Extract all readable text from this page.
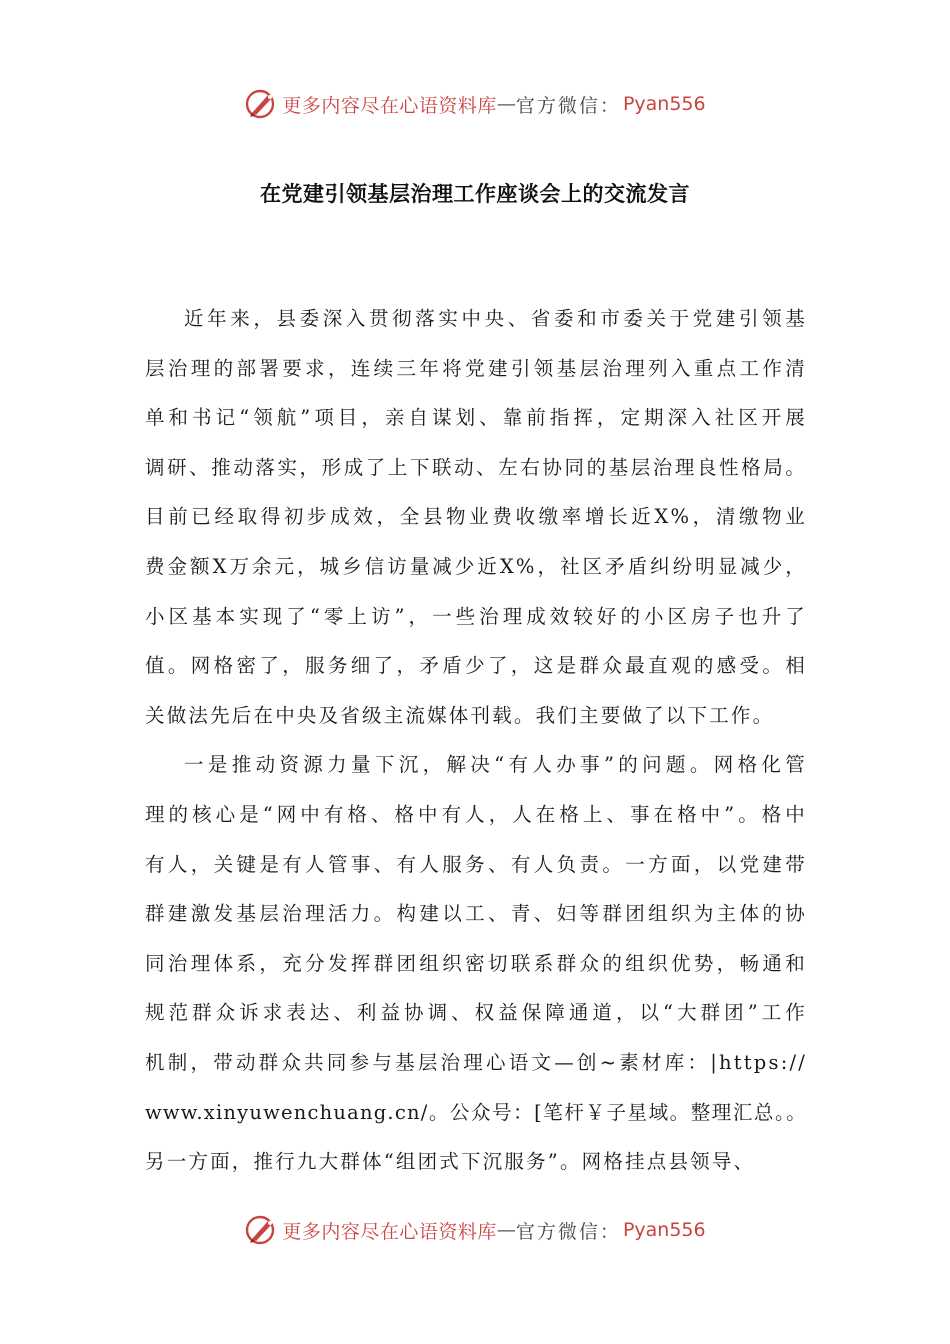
更多内容尽在心语资料库 — 官方微信： Pyan556
在党建引领基层治理工作座谈会上的交流发言

近年来，县委深入贯彻落实中央、省委和市委关于党建引领基
层治理的部署要求，连续三年将党建引领基层治理列入重点工作清
单和书记“领航”项目，亲自谋划、靠前指挥，定期深入社区开展
调研、推动落实，形成了上下联动、左右协同的基层治理良性格局。
目前已经取得初步成效，全县物业费收缴率增长近X%，清缴物业
费金额X万余元，城乡信访量减少近X%，社区矛盾纠纷明显减少，
小区基本实现了“零上访”，一些治理成效较好的小区房子也升了
值。网格密了，服务细了，矛盾少了，这是群众最直观的感受。相
关做法先后在中央及省级主流媒体刊载。我们主要做了以下工作。

一是推动资源力量下沉，解决“有人办事”的问题。网格化管
理的核心是“网中有格、格中有人，人在格上、事在格中”。格中
有人，关键是有人管事、有人服务、有人负责。一方面，以党建带
群建激发基层治理活力。构建以工、青、妇等群团组织为主体的协
同治理体系，充分发挥群团组织密切联系群众的组织优势，畅通和
规范群众诉求表达、利益协调、权益保障通道，以“大群团”工作
机制，带动群众共同参与基层治理心语文—创~素材库：|https://
www.xinyuwenchuang.cn/。公众号：[笔杆￥子星域。整理汇总。。
另一方面，推行九大群体“组团式下沉服务”。网格挂点县领导、

更多内容尽在心语资料库 — 官方微信： Pyan556
